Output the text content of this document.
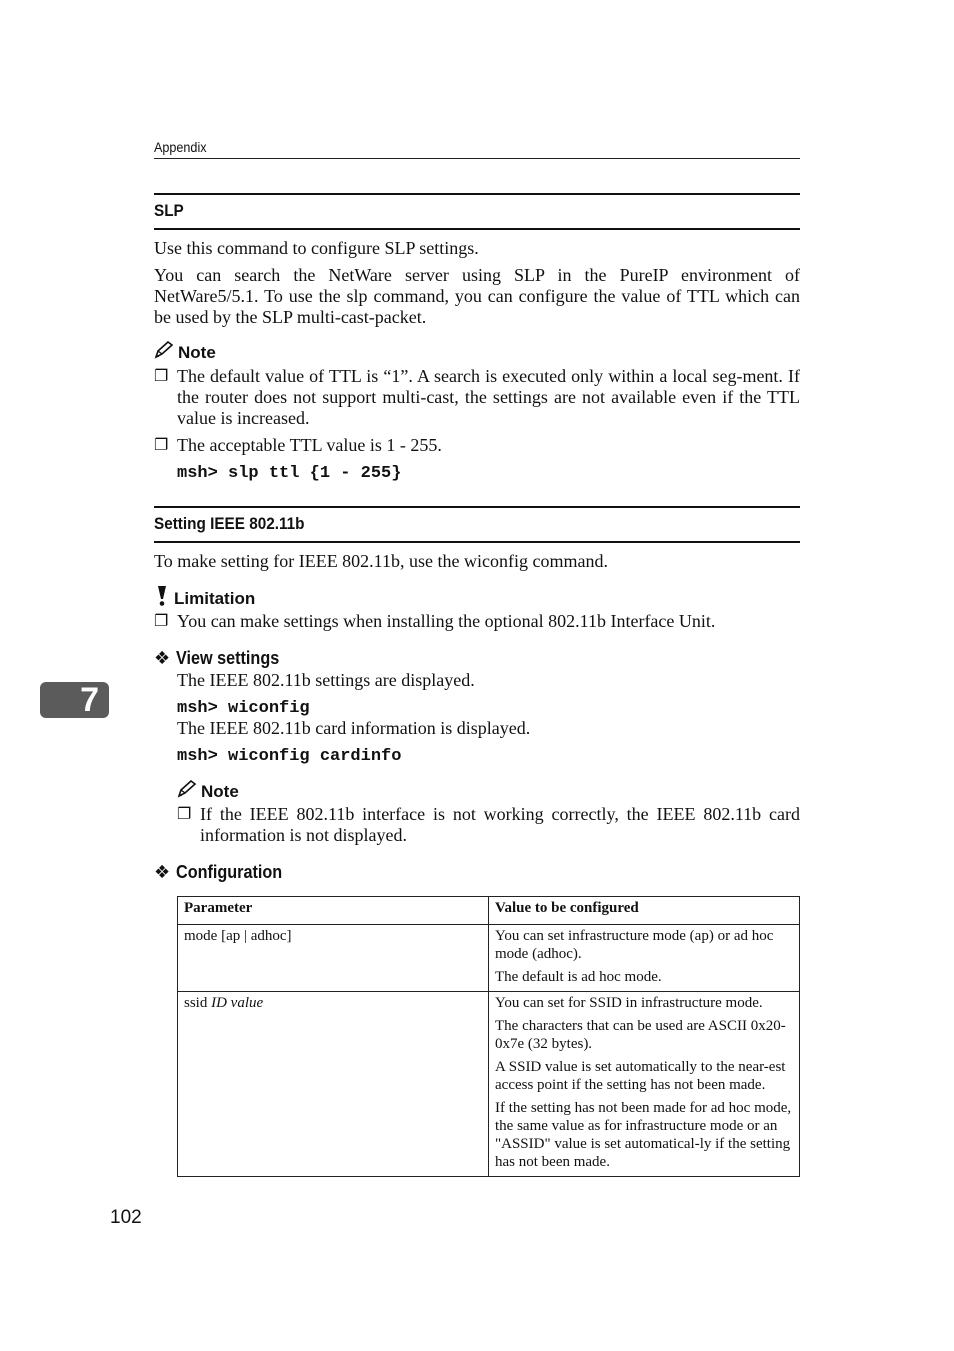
Appendix
SLP
Use this command to configure SLP settings.
You can search the NetWare server using SLP in the PureIP environment of NetWare5/5.1. To use the slp command, you can configure the value of TTL which can be used by the SLP multi-cast-packet.
Note
❐ The default value of TTL is “1”. A search is executed only within a local seg-ment. If the router does not support multi-cast, the settings are not available even if the TTL value is increased.
❐ The acceptable TTL value is 1 - 255.
msh> slp ttl {1 - 255}
Setting IEEE 802.11b
To make setting for IEEE 802.11b, use the wiconfig command.
Limitation
❐ You can make settings when installing the optional 802.11b Interface Unit.
❖ View settings
The IEEE 802.11b settings are displayed.
msh> wiconfig
The IEEE 802.11b card information is displayed.
msh> wiconfig cardinfo
Note
❐ If the IEEE 802.11b interface is not working correctly, the IEEE 802.11b card information is not displayed.
❖ Configuration
Parameter	Value to be configured
mode [ap | adhoc]	You can set infrastructure mode (ap) or ad hoc mode (adhoc).

The default is ad hoc mode.

ssid ID value	You can set for SSID in infrastructure mode.

The characters that can be used are ASCII 0x20-0x7e (32 bytes).

A SSID value is set automatically to the near-est access point if the setting has not been made.

If the setting has not been made for ad hoc mode, the same value as for infrastructure mode or an "ASSID" value is set automatical-ly if the setting has not been made.

7
102
